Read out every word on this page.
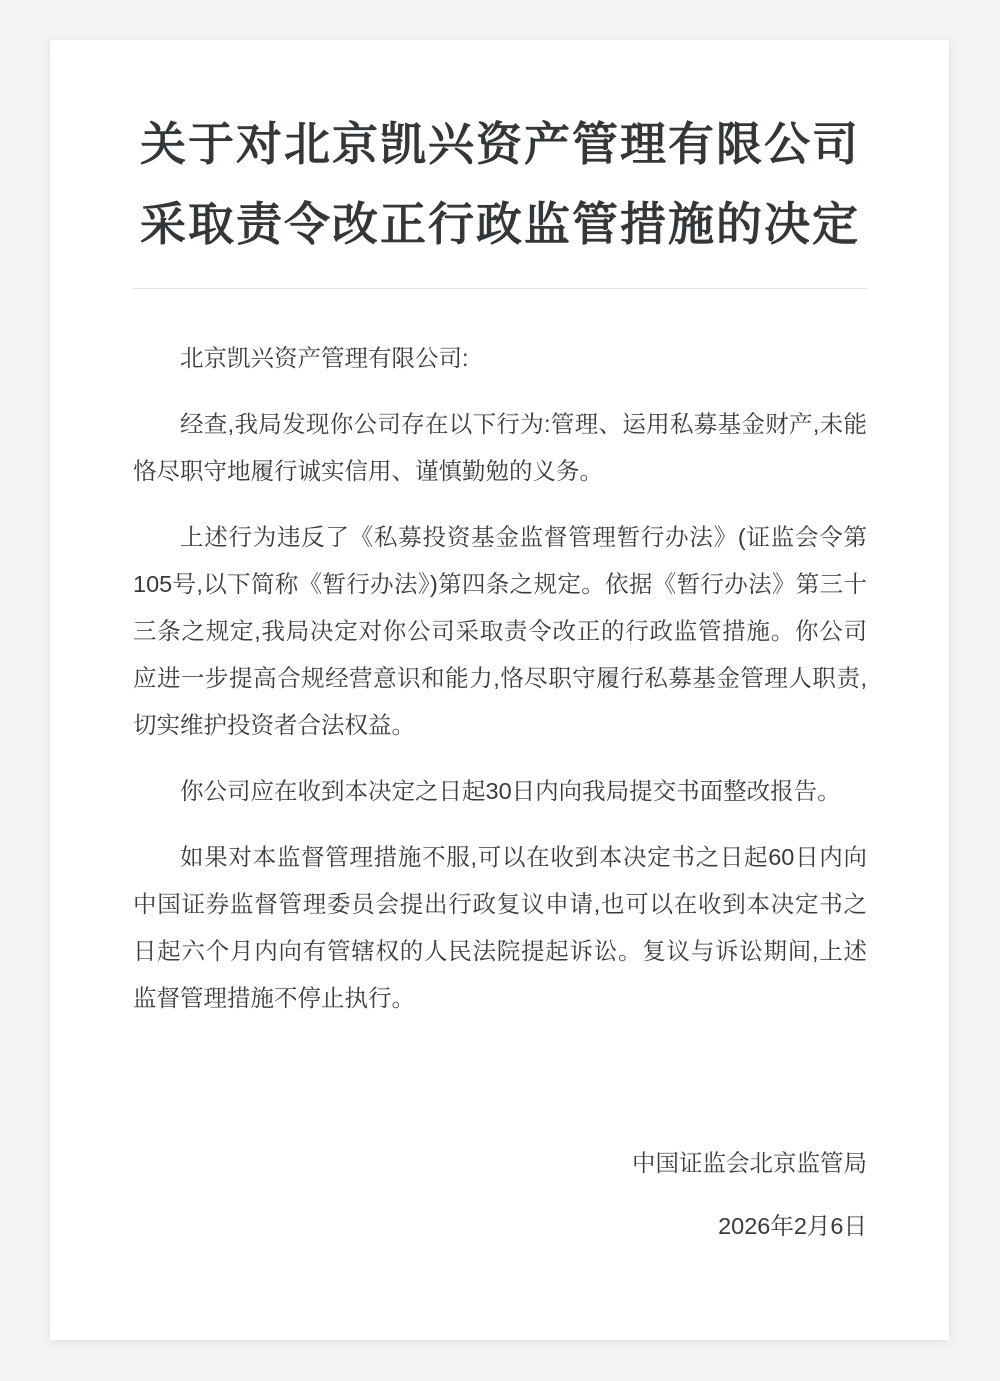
关于对北京凯兴资产管理有限公司采取责令改正行政监管措施的决定

北京凯兴资产管理有限公司:

经查,我局发现你公司存在以下行为:管理、运用私募基金财产,未能恪尽职守地履行诚实信用、谨慎勤勉的义务。

上述行为违反了《私募投资基金监督管理暂行办法》(证监会令第105号,以下简称《暂行办法》)第四条之规定。依据《暂行办法》第三十三条之规定,我局决定对你公司采取责令改正的行政监管措施。你公司应进一步提高合规经营意识和能力,恪尽职守履行私募基金管理人职责,切实维护投资者合法权益。

你公司应在收到本决定之日起30日内向我局提交书面整改报告。

如果对本监督管理措施不服,可以在收到本决定书之日起60日内向中国证券监督管理委员会提出行政复议申请,也可以在收到本决定书之日起六个月内向有管辖权的人民法院提起诉讼。复议与诉讼期间,上述监督管理措施不停止执行。

中国证监会北京监管局

2026年2月6日
